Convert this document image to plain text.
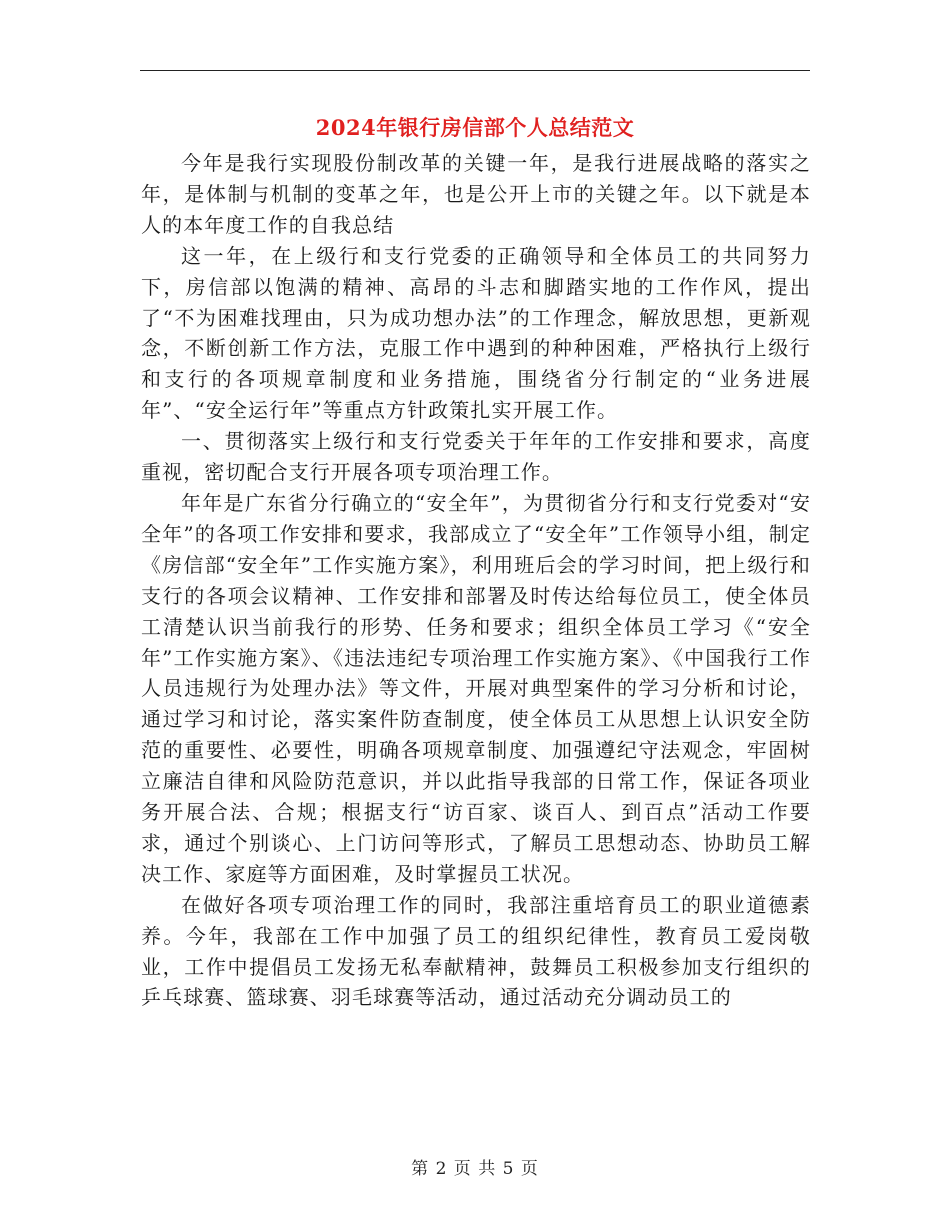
2024年银行房信部个人总结范文

今年是我行实现股份制改革的关键一年，是我行进展战略的落实之年，是体制与机制的变革之年，也是公开上市的关键之年。以下就是本人的本年度工作的自我总结

这一年，在上级行和支行党委的正确领导和全体员工的共同努力下，房信部以饱满的精神、高昂的斗志和脚踏实地的工作作风，提出了“不为困难找理由，只为成功想办法”的工作理念，解放思想，更新观念，不断创新工作方法，克服工作中遇到的种种困难，严格执行上级行和支行的各项规章制度和业务措施，围绕省分行制定的“业务进展年”、“安全运行年”等重点方针政策扎实开展工作。

一、贯彻落实上级行和支行党委关于年年的工作安排和要求，高度重视，密切配合支行开展各项专项治理工作。

年年是广东省分行确立的“安全年”，为贯彻省分行和支行党委对“安全年”的各项工作安排和要求，我部成立了“安全年”工作领导小组，制定《房信部“安全年”工作实施方案》，利用班后会的学习时间，把上级行和支行的各项会议精神、工作安排和部署及时传达给每位员工，使全体员工清楚认识当前我行的形势、任务和要求；组织全体员工学习《“安全年”工作实施方案》、《违法违纪专项治理工作实施方案》、《中国我行工作人员违规行为处理办法》等文件，开展对典型案件的学习分析和讨论，通过学习和讨论，落实案件防查制度，使全体员工从思想上认识安全防范的重要性、必要性，明确各项规章制度、加强遵纪守法观念，牢固树立廉洁自律和风险防范意识，并以此指导我部的日常工作，保证各项业务开展合法、合规；根据支行“访百家、谈百人、到百点”活动工作要求，通过个别谈心、上门访问等形式，了解员工思想动态、协助员工解决工作、家庭等方面困难，及时掌握员工状况。

在做好各项专项治理工作的同时，我部注重培育员工的职业道德素养。今年，我部在工作中加强了员工的组织纪律性，教育员工爱岗敬业，工作中提倡员工发扬无私奉献精神，鼓舞员工积极参加支行组织的乒乓球赛、篮球赛、羽毛球赛等活动，通过活动充分调动员工的

第 2 页 共 5 页
